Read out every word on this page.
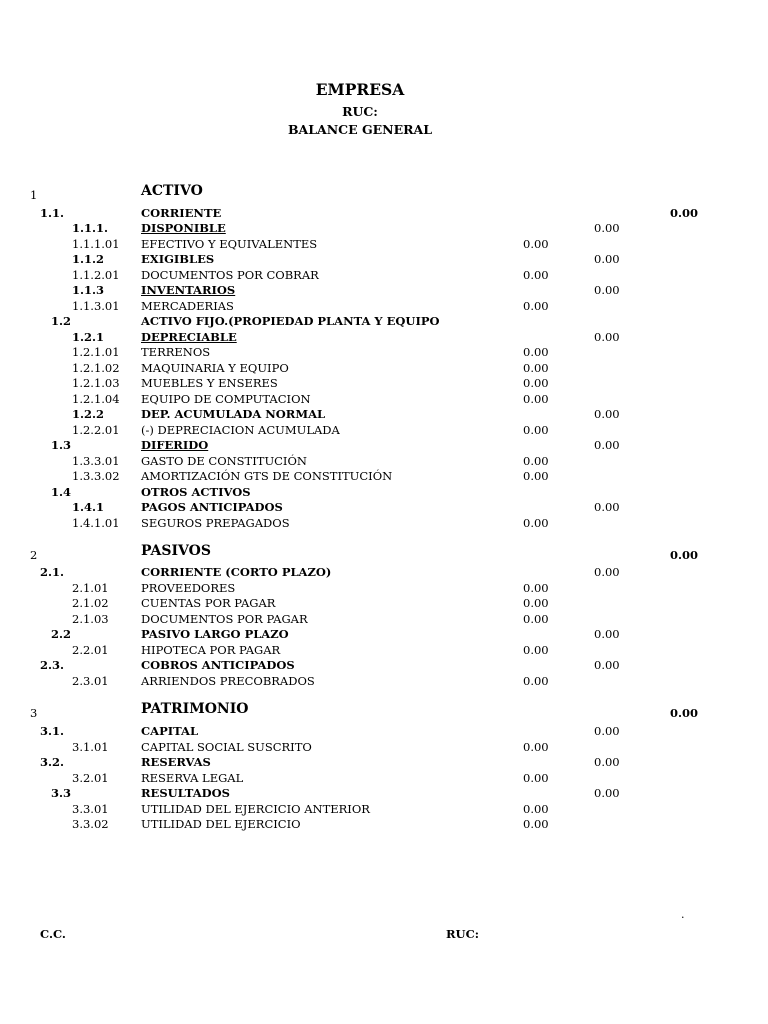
EMPRESA
RUC:
BALANCE GENERAL
1	ACTIVO
1.1.	CORRIENTE	0.00
1.1.1.	DISPONIBLE	0.00
1.1.1.01 EFECTIVO Y EQUIVALENTES	0.00
1.1.2	EXIGIBLES	0.00
1.1.2.01 DOCUMENTOS POR COBRAR	0.00
1.1.3	INVENTARIOS	0.00
1.1.3.01 MERCADERIAS	0.00
1.2	ACTIVO FIJO.(PROPIEDAD PLANTA Y EQUIPO
1.2.1	DEPRECIABLE	0.00
1.2.1.01 TERRENOS	0.00
1.2.1.02 MAQUINARIA Y EQUIPO	0.00
1.2.1.03 MUEBLES Y ENSERES	0.00
1.2.1.04 EQUIPO DE COMPUTACION	0.00
1.2.2	DEP. ACUMULADA NORMAL	0.00
1.2.2.01 (-) DEPRECIACION ACUMULADA	0.00
1.3	DIFERIDO	0.00
1.3.3.01 GASTO DE CONSTITUCIÓN	0.00
1.3.3.02 AMORTIZACIÓN GTS DE CONSTITUCIÓN	0.00
1.4	OTROS ACTIVOS
1.4.1	PAGOS ANTICIPADOS	0.00
1.4.1.01 SEGUROS PREPAGADOS	0.00
2	PASIVOS	0.00
2.1.	CORRIENTE (CORTO PLAZO)	0.00
2.1.01	PROVEEDORES	0.00
2.1.02	CUENTAS POR PAGAR	0.00
2.1.03	DOCUMENTOS POR PAGAR	0.00
2.2	PASIVO LARGO PLAZO	0.00
2.2.01	HIPOTECA POR PAGAR	0.00
2.3.	COBROS ANTICIPADOS	0.00
2.3.01	ARRIENDOS PRECOBRADOS	0.00
3	PATRIMONIO	0.00
3.1.	CAPITAL	0.00
3.1.01	CAPITAL SOCIAL SUSCRITO	0.00
3.2.	RESERVAS	0.00
3.2.01	RESERVA LEGAL	0.00
3.3	RESULTADOS	0.00
3.3.01	UTILIDAD DEL EJERCICIO ANTERIOR	0.00
3.3.02	UTILIDAD DEL EJERCICIO	0.00
.
C.C.	RUC:
